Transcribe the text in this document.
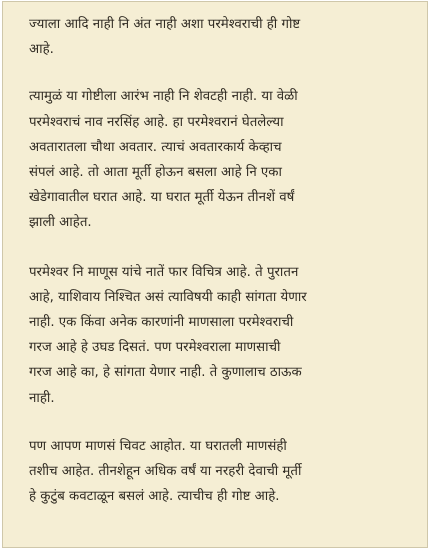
ज्याला आदि नाही नि अंत नाही अशा परमेश्वराची ही गोष्ट
आहे.

त्यामुळं या गोष्टीला आरंभ नाही नि शेवटही नाही. या वेळी
परमेश्वराचं नाव नरसिंह आहे. हा परमेश्वरानं घेतलेल्या
अवतारातला चौथा अवतार. त्याचं अवतारकार्य केव्हाच
संपलं आहे. तो आता मूर्ती होऊन बसला आहे नि एका
खेडेगावातील घरात आहे. या घरात मूर्ती येऊन तीनशें वर्षं
झाली आहेत.

परमेश्वर नि माणूस यांचे नातें फार विचित्र आहे. ते पुरातन
आहे, याशिवाय निश्चित असं त्याविषयी काही सांगता येणार
नाही. एक किंवा अनेक कारणांनी माणसाला परमेश्वराची
गरज आहे हे उघड दिसतं. पण परमेश्वराला माणसाची
गरज आहे का, हे सांगता येणार नाही. ते कुणालाच ठाऊक
नाही.

पण आपण माणसं चिवट आहोत. या घरातली माणसंही
तशीच आहेत. तीनशेहून अधिक वर्षं या नरहरी देवाची मूर्ती
हे कुटुंब कवटाळून बसलं आहे. त्याचीच ही गोष्ट आहे.
